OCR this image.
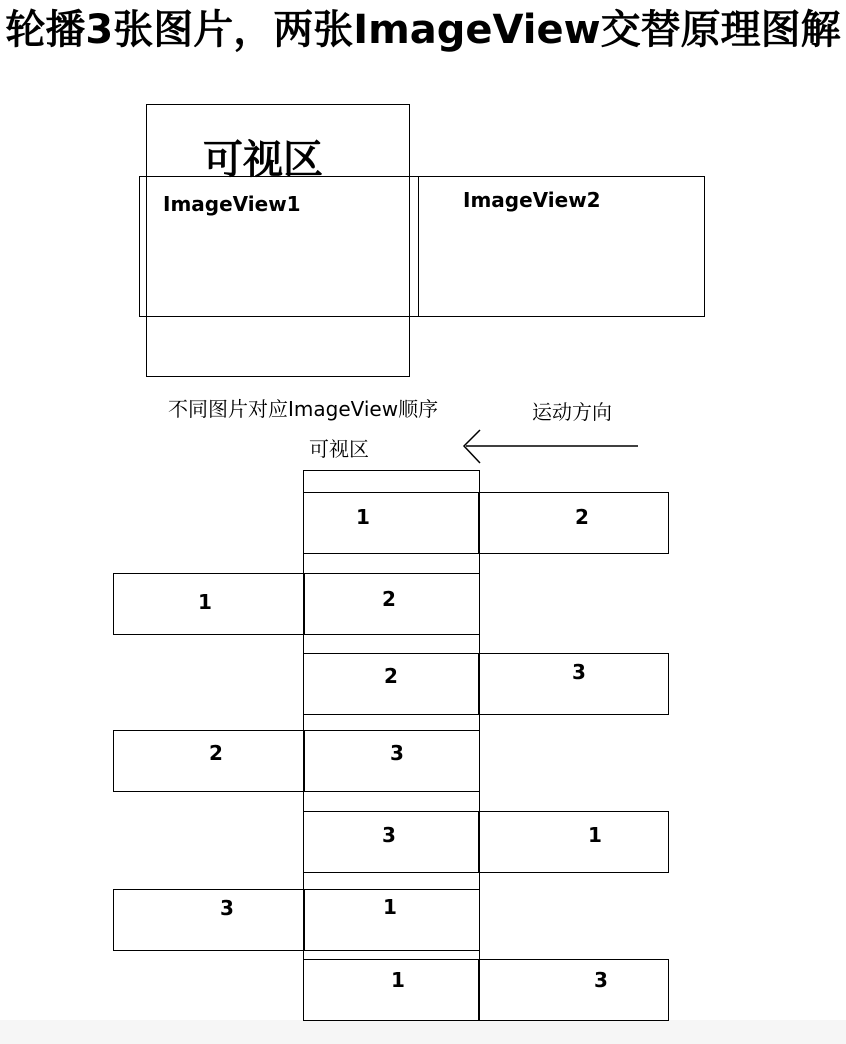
轮播3张图片，两张ImageView交替原理图解
可视区
ImageView1	ImageView2
不同图片对应ImageView顺序	运动方向
可视区
1	2
1	2
2	3
2	3
3	1
3	1
1	3
